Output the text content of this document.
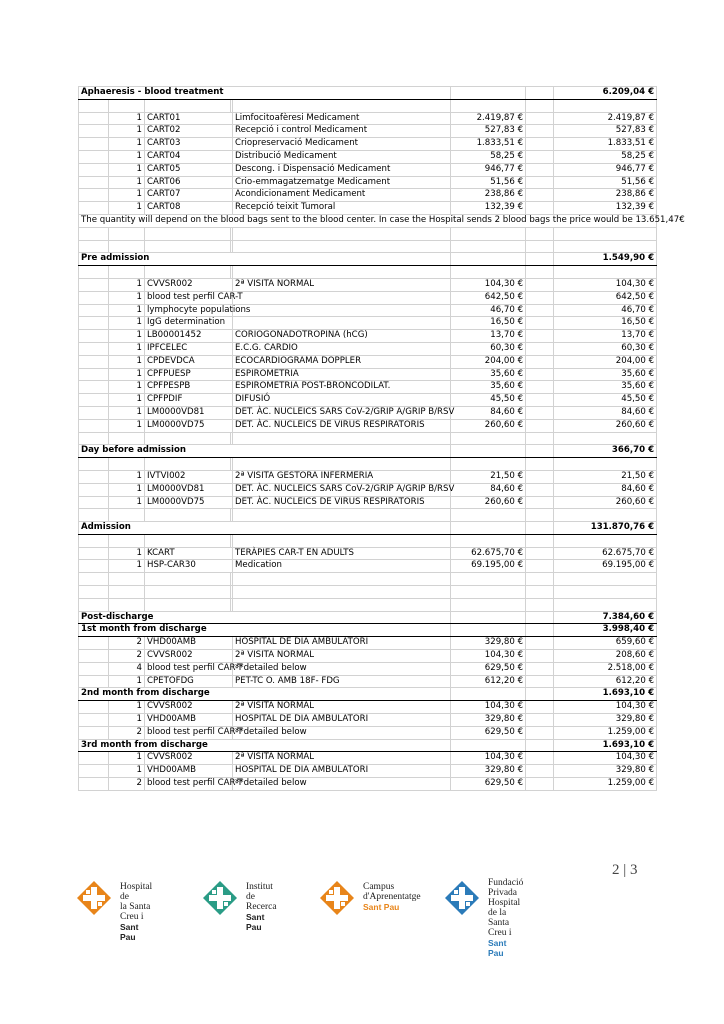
Aphaeresis - blood treatment							6.209,04 €

	1	CART01		Limfocitoafèresi Medicament	2.419,87 €		2.419,87 €
	1	CART02		Recepció i control Medicament	527,83 €		527,83 €
	1	CART03		Criopreservació Medicament	1.833,51 €		1.833,51 €
	1	CART04		Distribució Medicament	58,25 €		58,25 €
	1	CART05		Descong. i Dispensació Medicament	946,77 €		946,77 €
	1	CART06		Crio-emmagatzematge Medicament	51,56 €		51,56 €
	1	CART07		Acondicionament Medicament	238,86 €		238,86 €
	1	CART08		Recepció teixit Tumoral	132,39 €		132,39 €
The quantity will depend on the blood bags sent to the blood center. In case the Hospital sends 2 blood bags the price would be 13.651,47€							

Pre admission							1.549,90 €

	1	CVVSR002		2ª VISITA NORMAL	104,30 €		104,30 €
	1	blood test perfil CAR-T			642,50 €		642,50 €
	1	lymphocyte populations			46,70 €		46,70 €
	1	IgG determination			16,50 €		16,50 €
	1	LB00001452		CORIOGONADOTROPINA (hCG)	13,70 €		13,70 €
	1	IPFCELEC		E.C.G. CARDIO	60,30 €		60,30 €
	1	CPDEVDCA		ECOCARDIOGRAMA DOPPLER	204,00 €		204,00 €
	1	CPFPUESP		ESPIROMETRIA	35,60 €		35,60 €
	1	CPFPESPB		ESPIROMETRIA POST-BRONCODILAT.	35,60 €		35,60 €
	1	CPFPDIF		DIFUSIÓ	45,50 €		45,50 €
	1	LM0000VD81		DET. ÀC. NUCLEICS SARS CoV-2/GRIP A/GRIP B/RSV	84,60 €		84,60 €
	1	LM0000VD75		DET. ÀC. NUCLEICS DE VIRUS RESPIRATORIS	260,60 €		260,60 €

Day before admission							366,70 €

	1	IVTVI002		2ª VISITA GESTORA INFERMERIA	21,50 €		21,50 €
	1	LM0000VD81		DET. ÀC. NUCLEICS SARS CoV-2/GRIP A/GRIP B/RSV	84,60 €		84,60 €
	1	LM0000VD75		DET. ÀC. NUCLEICS DE VIRUS RESPIRATORIS	260,60 €		260,60 €

Admission							131.870,76 €

	1	KCART		TERÀPIES CAR-T EN ADULTS	62.675,70 €		62.675,70 €
	1	HSP-CAR30		Medication	69.195,00 €		69.195,00 €

Post-discharge							7.384,60 €
1st month from discharge							3.998,40 €
	2	VHD00AMB		HOSPITAL DE DIA AMBULATORI	329,80 €		659,60 €
	2	CVVSR002		2ª VISITA NORMAL	104,30 €		208,60 €
	4	blood test perfil CAR-T		**detailed below	629,50 €		2.518,00 €
	1	CPETOFDG		PET-TC O. AMB 18F- FDG	612,20 €		612,20 €
2nd month from discharge							1.693,10 €
	1	CVVSR002		2ª VISITA NORMAL	104,30 €		104,30 €
	1	VHD00AMB		HOSPITAL DE DIA AMBULATORI	329,80 €		329,80 €
	2	blood test perfil CAR-T		**detailed below	629,50 €		1.259,00 €
3rd month from discharge							1.693,10 €
	1	CVVSR002		2ª VISITA NORMAL	104,30 €		104,30 €
	1	VHD00AMB		HOSPITAL DE DIA AMBULATORI	329,80 €		329,80 €
	2	blood test perfil CAR-T		**detailed below	629,50 €		1.259,00 €
2 | 3
Hospital de
la Santa Creu i
Sant Pau
Institut
de Recerca
Sant Pau
Campus
d'Aprenentatge
Sant Pau
Fundació
Privada Hospital
de la Santa Creu i
Sant Pau
